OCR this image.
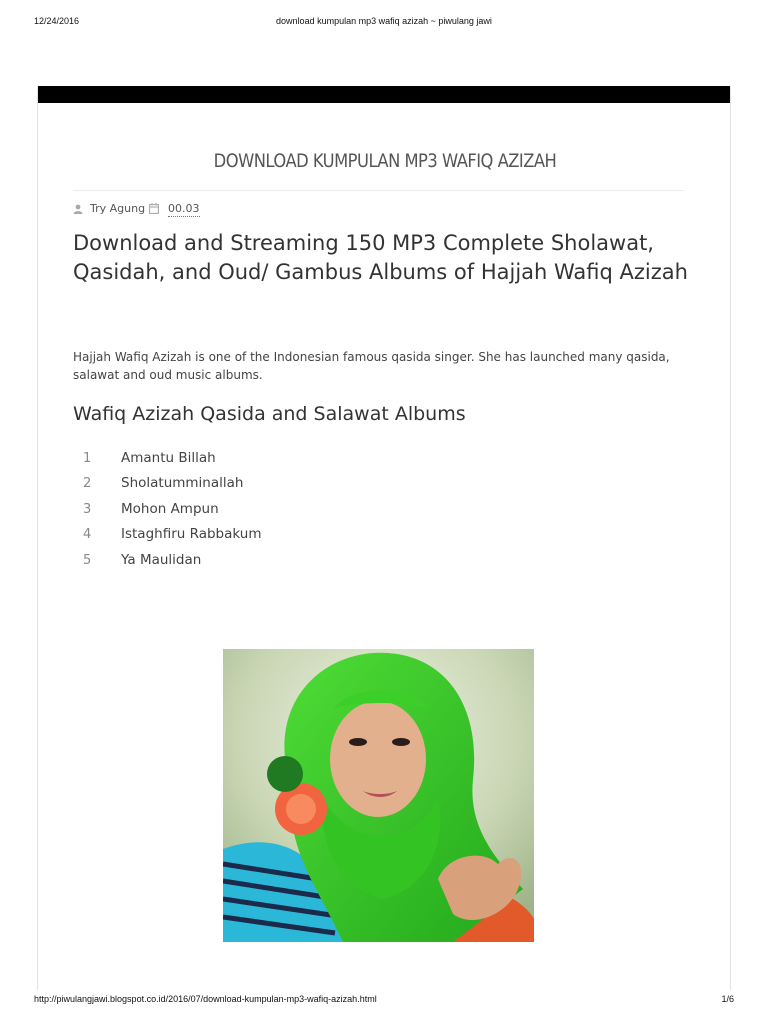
12/24/2016	download kumpulan mp3 wafiq azizah ~ piwulang jawi
DOWNLOAD KUMPULAN MP3 WAFIQ AZIZAH
Try Agung 00.03
Download and Streaming 150 MP3 Complete Sholawat, Qasidah, and Oud/ Gambus Albums of Hajjah Wafiq Azizah

Hajjah Wafiq Azizah is one of the Indonesian famous qasida singer. She has launched many qasida, salawat and oud music albums.

Wafiq Azizah Qasida and Salawat Albums
1	Amantu Billah
2	Sholatumminallah
3	Mohon Ampun
4	Istaghfiru Rabbakum
5	Ya Maulidan
http://piwulangjawi.blogspot.co.id/2016/07/download-kumpulan-mp3-wafiq-azizah.html	1/6
